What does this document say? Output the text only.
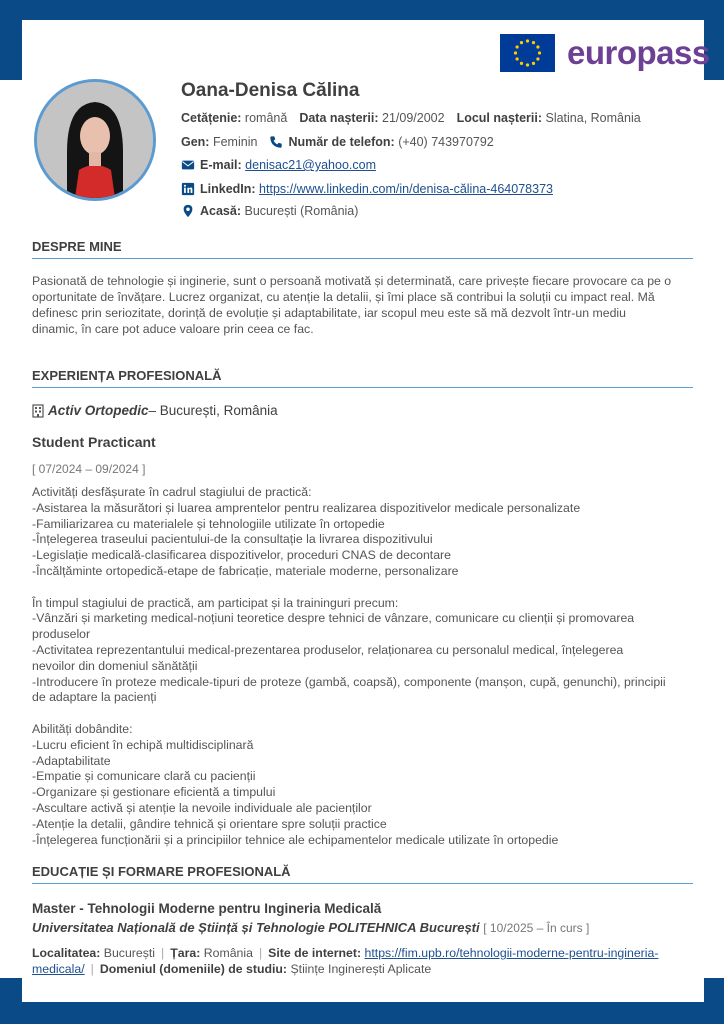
europass
Oana-Denisa Călina
Cetățenie:
română Data nașterii:
21/09/2002 Locul nașterii:
Slatina, România
Gen:
Feminin Număr de telefon:
(+40) 743970792
E-mail:
denisac21@yahoo.com
LinkedIn:
https://www.linkedin.com/in/denisa-călina-464078373
Acasă:
București (România)
DESPRE MINE
Pasionată de tehnologie și inginerie, sunt o persoană motivată și determinată, care privește fiecare provocare ca pe o
oportunitate de învățare. Lucrez organizat, cu atenție la detalii, și îmi place să contribui la soluții cu impact real. Mă
definesc prin seriozitate, dorință de evoluție și adaptabilitate, iar scopul meu este să mă dezvolt într-un mediu
dinamic, în care pot aduce valoare prin ceea ce fac.
EXPERIENȚA PROFESIONALĂ
Activ Ortopedic – București, România
Student Practicant
[ 07/2024 – 09/2024 ]
Activități desfășurate în cadrul stagiului de practică:
-Asistarea la măsurători și luarea amprentelor pentru realizarea dispozitivelor medicale personalizate
-Familiarizarea cu materialele și tehnologiile utilizate în ortopedie
-Înțelegerea traseului pacientului-de la consultație la livrarea dispozitivului
-Legislație medicală-clasificarea dispozitivelor, proceduri CNAS de decontare
-Încălțăminte ortopedică-etape de fabricație, materiale moderne, personalizare
În timpul stagiului de practică, am participat și la traininguri precum:
-Vânzări și marketing medical-noțiuni teoretice despre tehnici de vânzare, comunicare cu clienții și promovarea
produselor
-Activitatea reprezentantului medical-prezentarea produselor, relaționarea cu personalul medical, înțelegerea
nevoilor din domeniul sănătății
-Introducere în proteze medicale-tipuri de proteze (gambă, coapsă), componente (manșon, cupă, genunchi), principii
de adaptare la pacienți
Abilități dobândite:
-Lucru eficient în echipă multidisciplinară
-Adaptabilitate
-Empatie și comunicare clară cu pacienții
-Organizare și gestionare eficientă a timpului
-Ascultare activă și atenție la nevoile individuale ale pacienților
-Atenție la detalii, gândire tehnică și orientare spre soluții practice
-Înțelegerea funcționării și a principiilor tehnice ale echipamentelor medicale utilizate în ortopedie
EDUCAȚIE ȘI FORMARE PROFESIONALĂ
Master - Tehnologii Moderne pentru Ingineria Medicală
Universitatea Națională de Știință și Tehnologie POLITEHNICA București [ 10/2025 – În curs ]
Localitatea: București | Țara: România | Site de internet: https://fim.upb.ro/tehnologii-moderne-pentru-ingineria-
medicala/ | Domeniul (domeniile) de studiu: Științe Inginerești Aplicate
